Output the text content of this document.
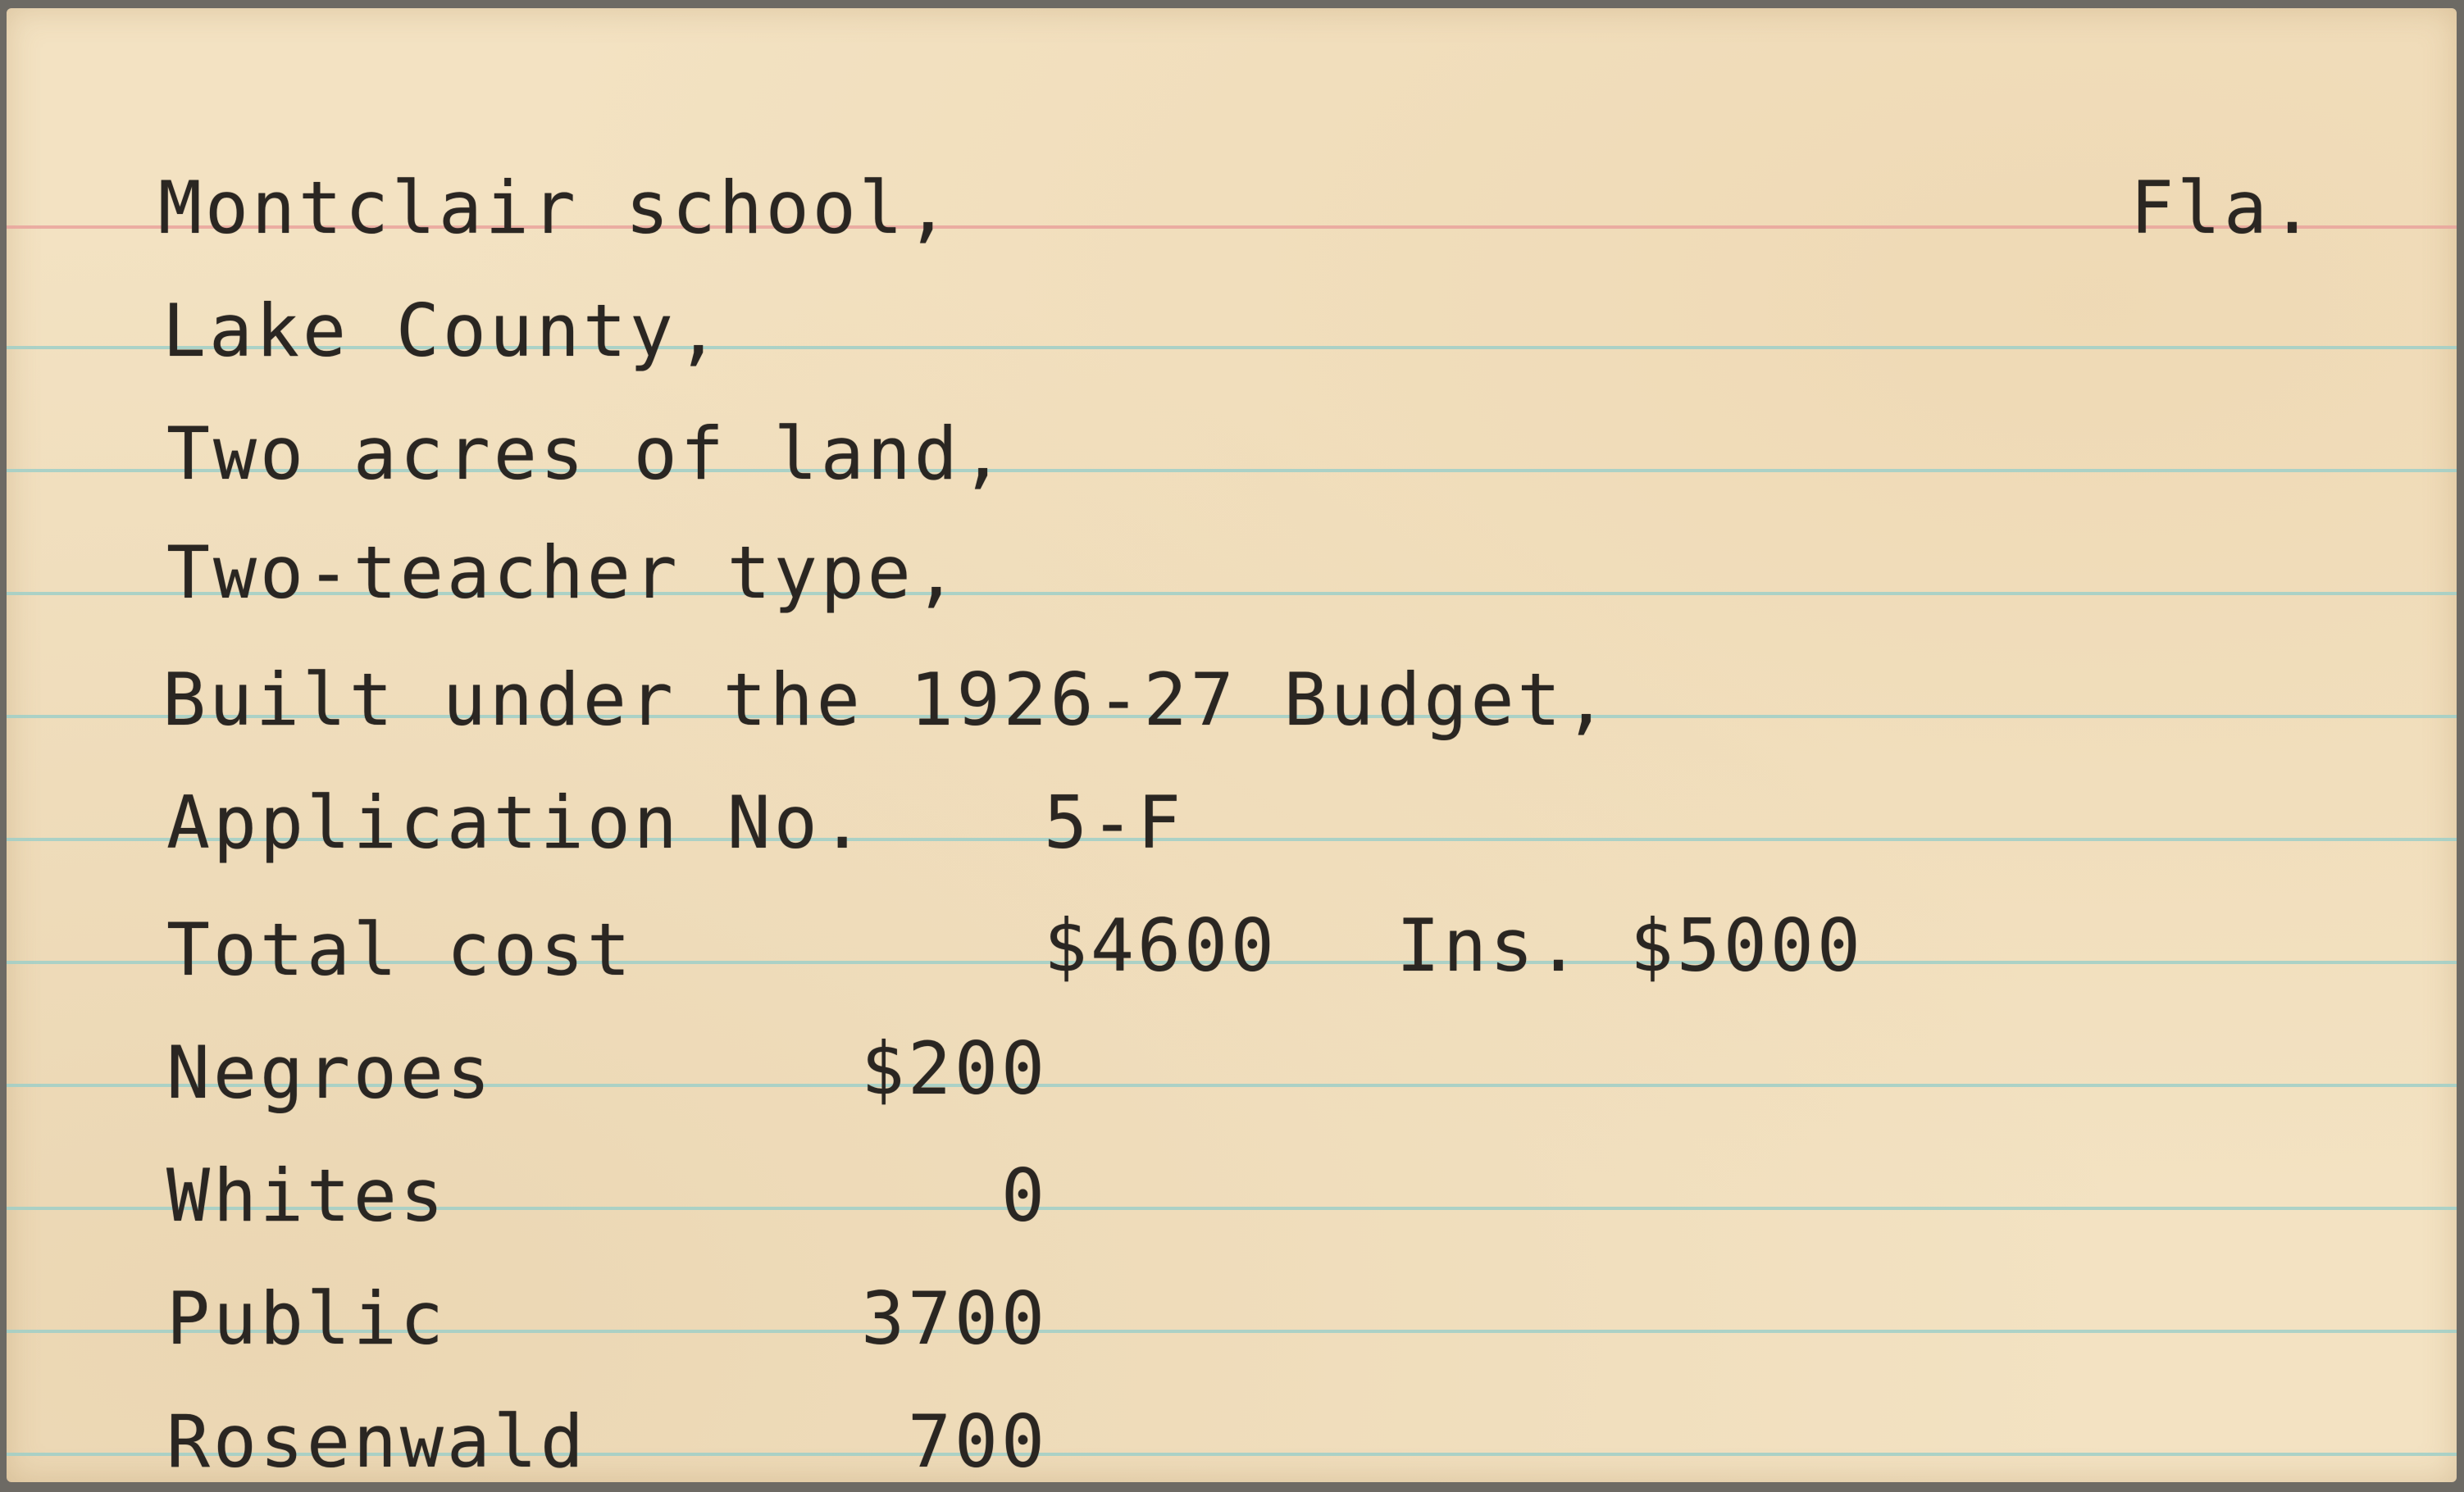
Montclair school,	Fla.
Lake County,
Two acres of land,
Two-teacher type,
Built under the 1926-27 Budget,
Application No. 5-F
Total cost	$4600 Ins. $5000
Negroes	$200
Whites	0
Public	3700
Rosenwald	700
